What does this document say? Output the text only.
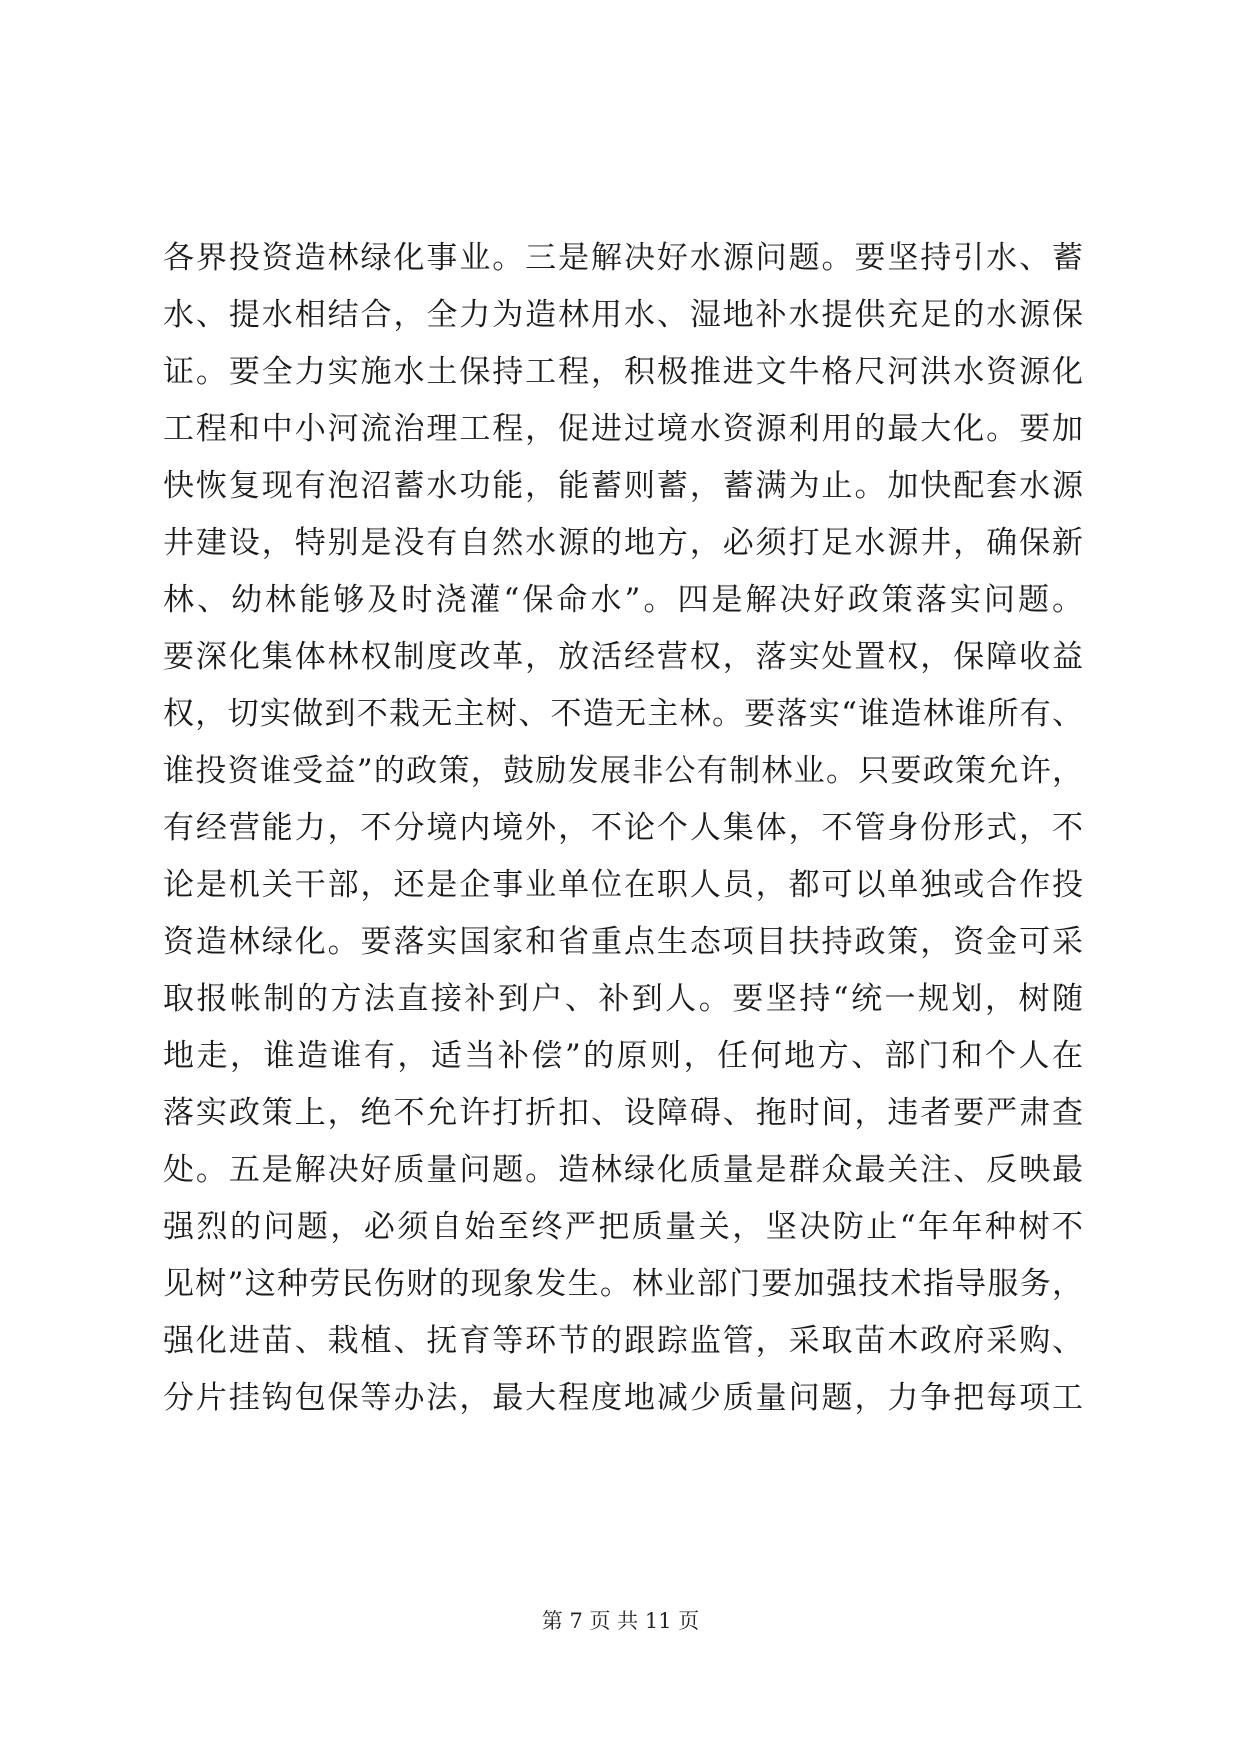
各界投资造林绿化事业。三是解决好水源问题。要坚持引水、蓄
水、提水相结合，全力为造林用水、湿地补水提供充足的水源保
证。要全力实施水土保持工程，积极推进文牛格尺河洪水资源化
工程和中小河流治理工程，促进过境水资源利用的最大化。要加
快恢复现有泡沼蓄水功能，能蓄则蓄，蓄满为止。加快配套水源
井建设，特别是没有自然水源的地方，必须打足水源井，确保新
林、幼林能够及时浇灌“保命水”。四是解决好政策落实问题。
要深化集体林权制度改革，放活经营权，落实处置权，保障收益
权，切实做到不栽无主树、不造无主林。要落实“谁造林谁所有、
谁投资谁受益”的政策，鼓励发展非公有制林业。只要政策允许，
有经营能力，不分境内境外，不论个人集体，不管身份形式，不
论是机关干部，还是企事业单位在职人员，都可以单独或合作投
资造林绿化。要落实国家和省重点生态项目扶持政策，资金可采
取报帐制的方法直接补到户、补到人。要坚持“统一规划，树随
地走，谁造谁有，适当补偿”的原则，任何地方、部门和个人在
落实政策上，绝不允许打折扣、设障碍、拖时间，违者要严肃查
处。五是解决好质量问题。造林绿化质量是群众最关注、反映最
强烈的问题，必须自始至终严把质量关，坚决防止“年年种树不
见树”这种劳民伤财的现象发生。林业部门要加强技术指导服务，
强化进苗、栽植、抚育等环节的跟踪监管，采取苗木政府采购、
分片挂钩包保等办法，最大程度地减少质量问题，力争把每项工
第 7 页 共 11 页
